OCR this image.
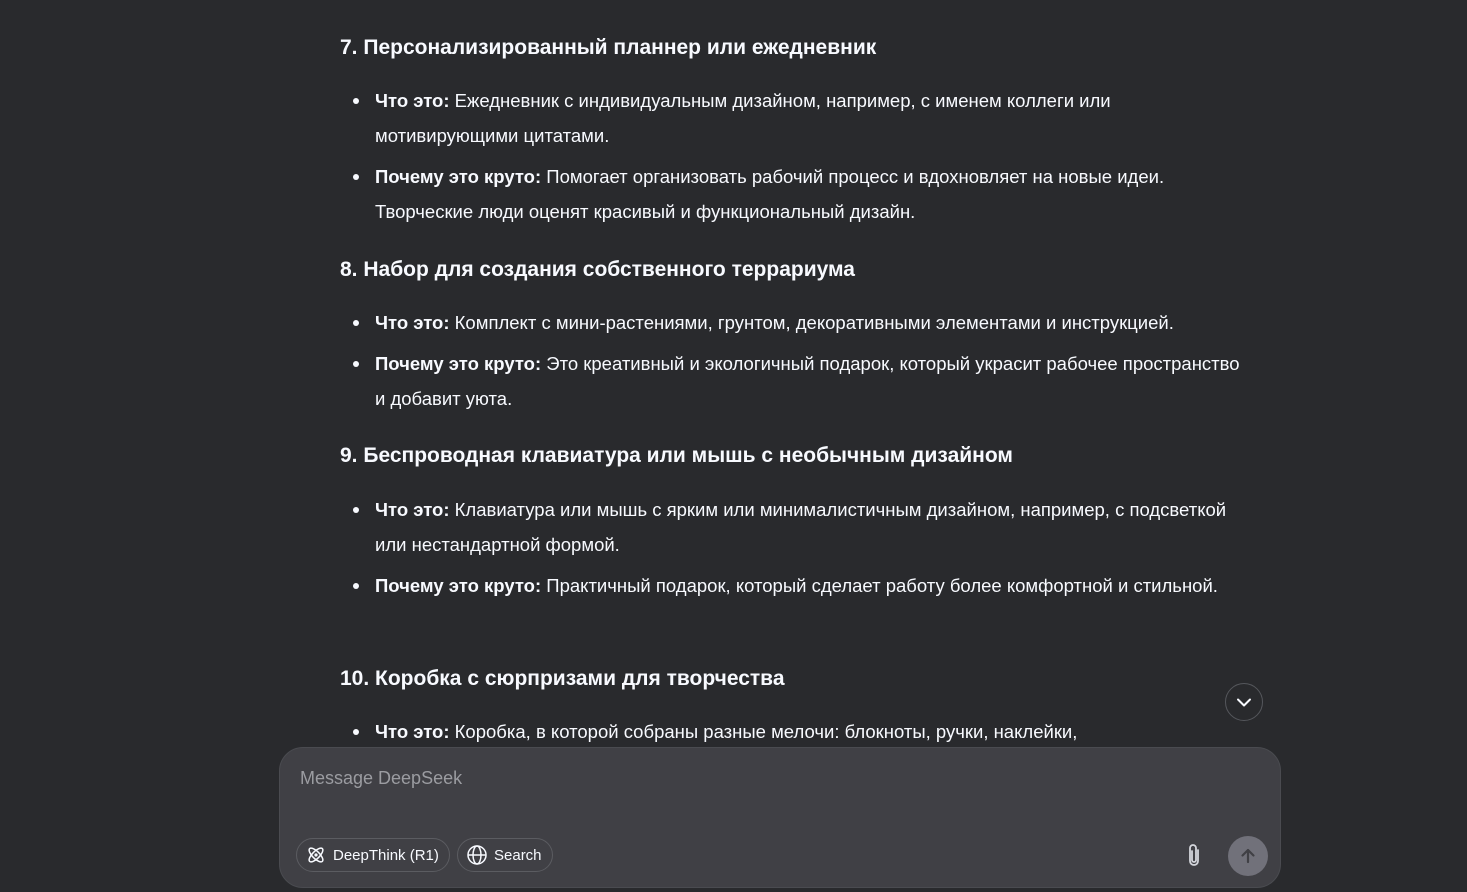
7. Персонализированный планнер или ежедневник
Что это: Ежедневник с индивидуальным дизайном, например, с именем коллеги или мотивирующими цитатами.
Почему это круто: Помогает организовать рабочий процесс и вдохновляет на новые идеи. Творческие люди оценят красивый и функциональный дизайн.
8. Набор для создания собственного террариума
Что это: Комплект с мини-растениями, грунтом, декоративными элементами и инструкцией.
Почему это круто: Это креативный и экологичный подарок, который украсит рабочее пространство и добавит уюта.
9. Беспроводная клавиатура или мышь с необычным дизайном
Что это: Клавиатура или мышь с ярким или минималистичным дизайном, например, с подсветкой или нестандартной формой.
Почему это круто: Практичный подарок, который сделает работу более комфортной и стильной.
10. Коробка с сюрпризами для творчества
Что это: Коробка, в которой собраны разные мелочи: блокноты, ручки, наклейки,
Message DeepSeek
DeepThink (R1)	Search
